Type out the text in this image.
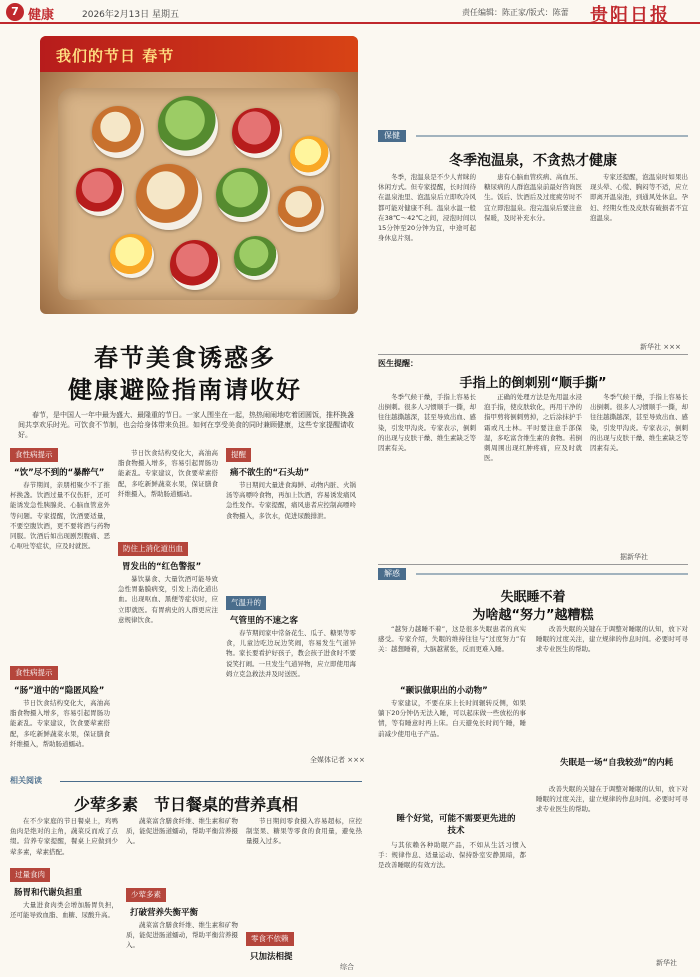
7 健康	2026年2月13日 星期五	责任编辑：陈正家/版式：陈蕾 贵阳日报
我们的节日 春节
春节美食诱惑多
健康避险指南请收好

春节，是中国人一年中最为盛大、最隆重的节日。一家人围坐在一起，热热闹闹地吃着团圆饭，推杯换盏间共享欢乐时光。可饮食不节制，也会给身体带来负担。如何在享受美食的同时兼顾健康，这些专家提醒请收好。

食性病提示
“饮”尽不到的“暴醉气”

春节期间，亲朋相聚少不了推杯换盏。饮酒过量不仅伤肝，还可能诱发急性胰腺炎、心脑血管意外等问题。专家提醒，饮酒要适量，不要空腹饮酒，更不要将酒与药物同服。饮酒后如出现剧烈腹痛、恶心呕吐等症状，应及时就医。

食性病提示
“肠”道中的“隐匿风险”

节日饮食结构变化大，高油高脂食物摄入增多，容易引起胃肠功能紊乱。专家建议，饮食要荤素搭配，多吃新鲜蔬菜水果，保证膳食纤维摄入，帮助肠道蠕动。

节日饮食结构变化大，高油高脂食物摄入增多，容易引起胃肠功能紊乱。专家建议，饮食要荤素搭配，多吃新鲜蔬菜水果，保证膳食纤维摄入，帮助肠道蠕动。

防住上消化道出血
胃发出的“红色警报”

暴饮暴食、大量饮酒可能导致急性胃黏膜病变，引发上消化道出血。出现呕血、黑便等症状时，应立即就医。有胃病史的人群更应注意规律饮食。

提醒
痛不欲生的“石头劫”

节日期间大量进食海鲜、动物内脏、火锅汤等高嘌呤食物，再加上饮酒，容易诱发痛风急性发作。专家提醒，痛风患者应控制高嘌呤食物摄入，多饮水，促进尿酸排泄。

气温升的
气管里的不速之客

春节期间家中常备花生、瓜子、糖果等零食，儿童边吃边玩边笑闹，容易发生气道异物。家长要看护好孩子，教会孩子进食时不要说笑打闹。一旦发生气道异物，应立即使用海姆立克急救法并及时送医。

全媒体记者 ×××
保健
冬季泡温泉，不贪热才健康

冬季，泡温泉是不少人青睐的休闲方式。但专家提醒，长时间待在温泉池里、泡温泉后立即吹冷风都可能对健康不利。温泉水温一般在38℃～42℃之间，浸泡时间以15分钟至20分钟为宜，中途可起身休息片刻。

患有心脑血管疾病、高血压、糖尿病的人群泡温泉前最好咨询医生。饭后、饮酒后及过度疲劳时不宜立即泡温泉。泡完温泉后要注意保暖，及时补充水分。

专家还提醒，泡温泉时如果出现头晕、心慌、胸闷等不适，应立即离开温泉池，到通风处休息。孕妇、经期女性及皮肤有破损者不宜泡温泉。

新华社 ×××
医生提醒：
手指上的倒刺别“顺手撕”

冬季气候干燥，手指上容易长出倒刺。很多人习惯顺手一撕，却往往越撕越深，甚至导致出血、感染，引发甲沟炎。专家表示，倒刺的出现与皮肤干燥、维生素缺乏等因素有关。

正确的处理方法是先用温水浸泡手指，使皮肤软化，再用干净的指甲剪将倒刺剪掉，之后涂抹护手霜或凡士林。平时要注意手部保湿，多吃富含维生素的食物。若倒刺周围出现红肿疼痛，应及时就医。

冬季气候干燥，手指上容易长出倒刺。很多人习惯顺手一撕，却往往越撕越深，甚至导致出血、感染，引发甲沟炎。专家表示，倒刺的出现与皮肤干燥、维生素缺乏等因素有关。

据新华社
解惑
失眠睡不着
为啥越“努力”越糟糕

“越努力越睡不着”，这是很多失眠患者的真实感受。专家介绍，失眠的维持往往与“过度努力”有关：越想睡着，大脑越紧张，反而更难入睡。

“颞识做职出的小动物”

专家建议，不要在床上长时间辗转反侧，如果躺下20分钟仍无法入睡，可以起床做一些放松的事情，等有睡意时再上床。白天避免长时间午睡，睡前减少使用电子产品。

睡个好觉，可能不需要更先进的技术

与其依赖各种助眠产品，不如从生活习惯入手：规律作息、适量运动、保持卧室安静黑暗，都是改善睡眠的有效方法。

改善失眠的关键在于调整对睡眠的认知，放下对睡眠的过度关注，建立规律的作息时间。必要时可寻求专业医生的帮助。

失眠是一场“自我较劲”的内耗

改善失眠的关键在于调整对睡眠的认知，放下对睡眠的过度关注，建立规律的作息时间。必要时可寻求专业医生的帮助。

新华社
相关阅读
少荤多素　节日餐桌的营养真相

在不少家庭的节日餐桌上，鸡鸭鱼肉是绝对的主角，蔬菜反而成了点缀。营养专家提醒，餐桌上应做到少荤多素，荤素搭配。

过量食肉
肠胃和代谢负担重

大量进食肉类会增加肠胃负担，还可能导致血脂、血糖、尿酸升高。

蔬菜富含膳食纤维、维生素和矿物质，能促进肠道蠕动，帮助平衡营养摄入。

少荤多素
打破营养失衡平衡

蔬菜富含膳食纤维、维生素和矿物质，能促进肠道蠕动，帮助平衡营养摄入。

节日期间零食摄入容易超标，应控制坚果、糖果等零食的食用量，避免热量摄入过多。

零食不依赖
只加法相提
综合
